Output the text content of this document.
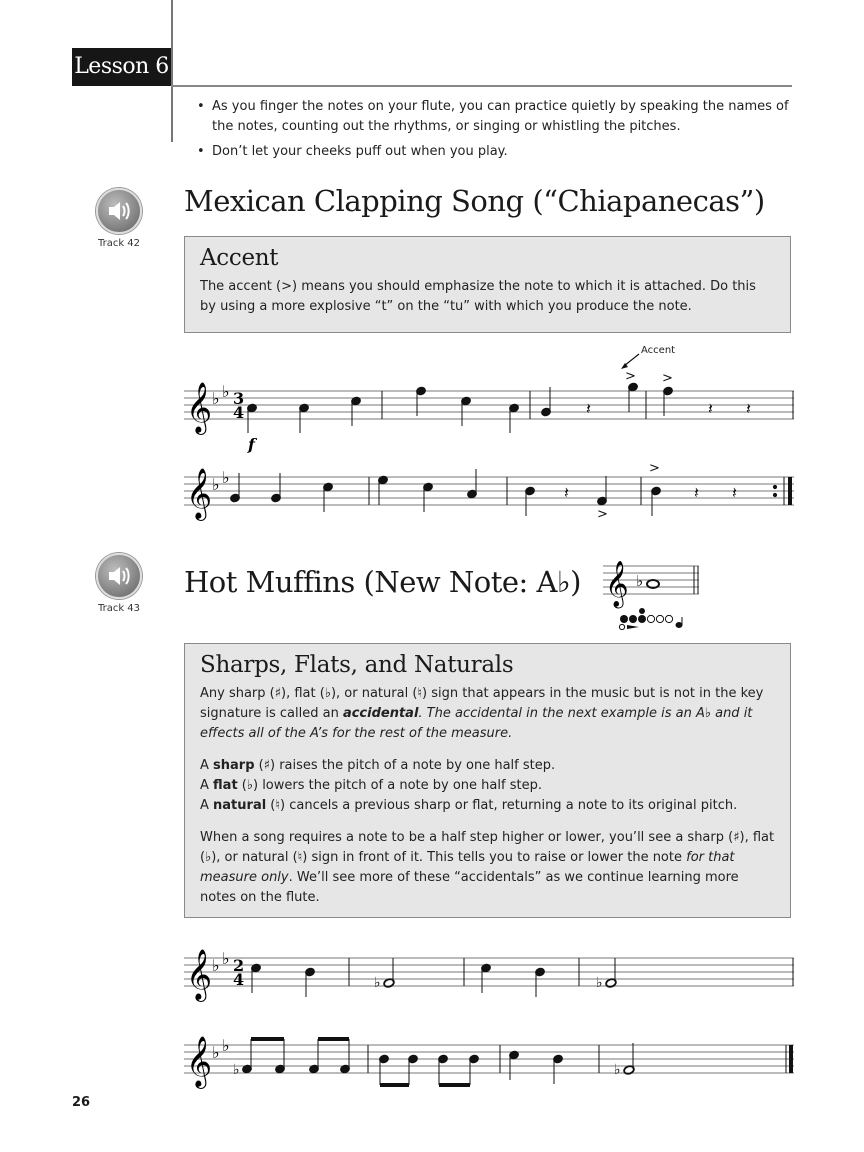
Lesson 6
• As you finger the notes on your flute, you can practice quietly by speaking the names of the notes, counting out the rhythms, or singing or whistling the pitches.
• Don’t let your cheeks puff out when you play.
Track 42
Mexican Clapping Song (“Chiapanecas”)
Accent

The accent (>) means you should emphasize the note to which it is attached. Do this by using a more explosive “t” on the “tu” with which you produce the note.

Accent
𝄞 ♭ ♭ 3
4	𝄽
> >
𝄽 𝄽
f
𝄞 ♭ ♭
𝄽
>
>
𝄽 𝄽
Track 43
Hot Muffins (New Note: A♭) 𝄞 ♭
Sharps, Flats, and Naturals

Any sharp (♯), flat (♭), or natural (♮) sign that appears in the music but is not in the key signature is called an accidental. The accidental in the next example is an A♭ and it effects all of the A’s for the rest of the measure.

A sharp (♯) raises the pitch of a note by one half step.

A flat (♭) lowers the pitch of a note by one half step.

A natural (♮) cancels a previous sharp or flat, returning a note to its original pitch.

When a song requires a note to be a half step higher or lower, you’ll see a sharp (♯), flat (♭), or natural (♮) sign in front of it. This tells you to raise or lower the note for that measure only. We’ll see more of these “accidentals” as we continue learning more notes on the flute.

𝄞 ♭ ♭ 2
4	♭	♭
𝄞 ♭ ♭
♭	♭
26
